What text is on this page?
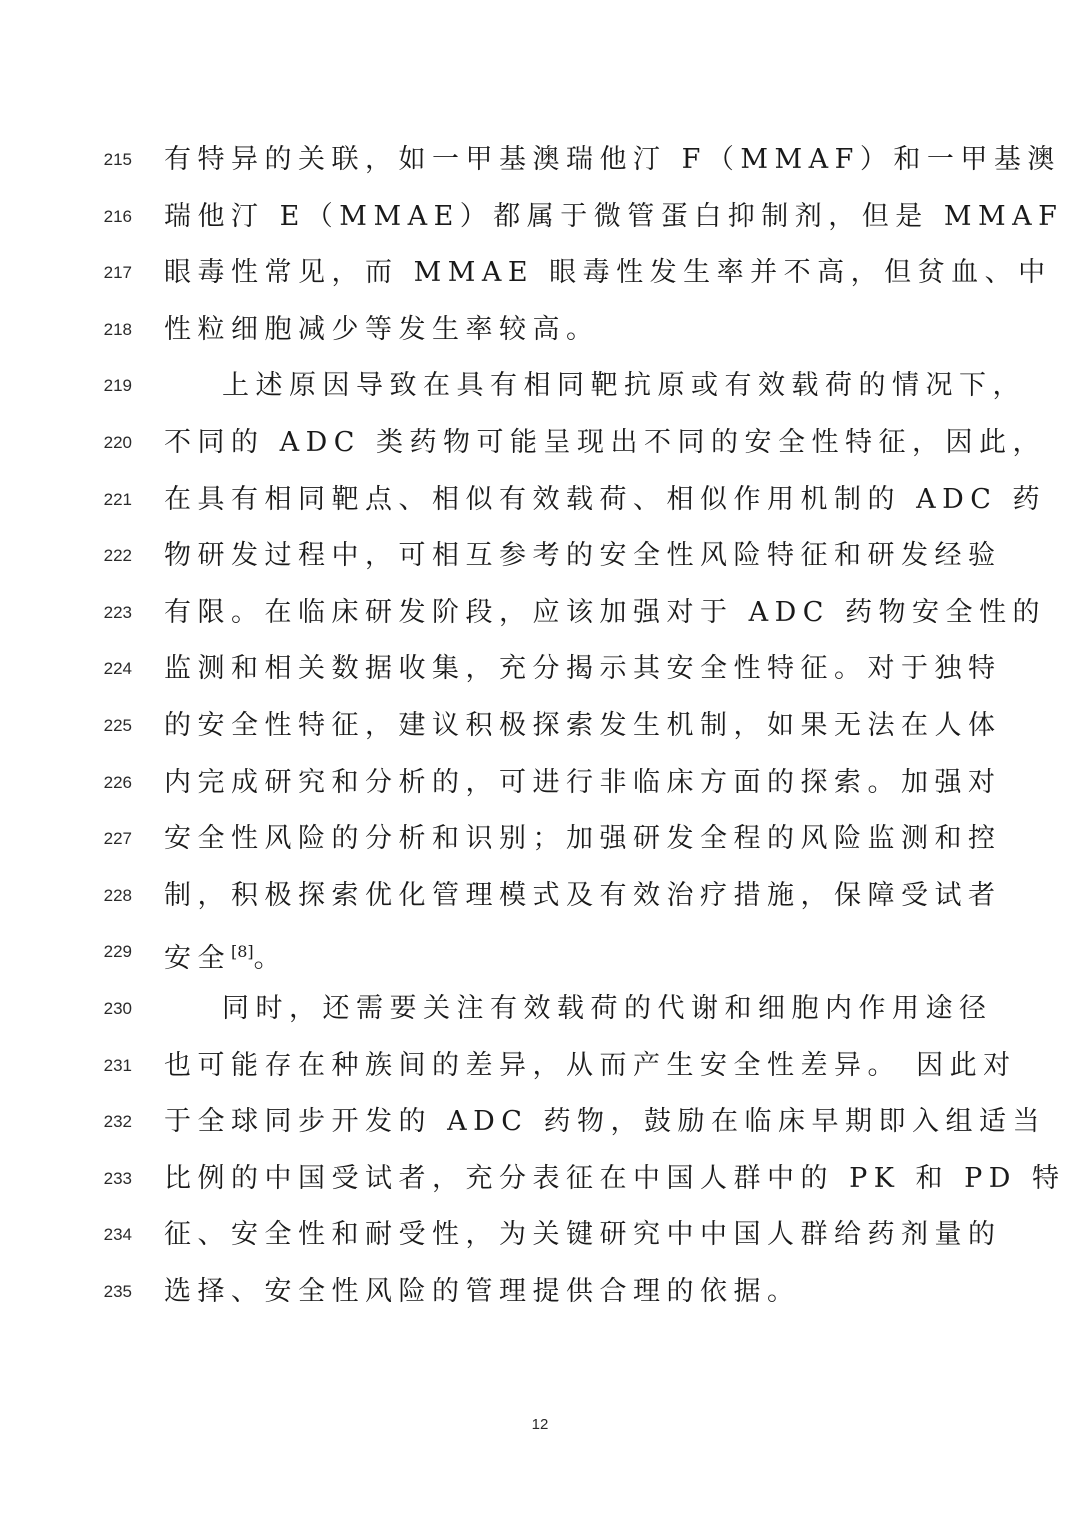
215 有特异的关联，如一甲基澳瑞他汀 F（MMAF）和一甲基澳
216 瑞他汀 E（MMAE）都属于微管蛋白抑制剂，但是 MMAF
217 眼毒性常见，而 MMAE 眼毒性发生率并不高，但贫血、中
218 性粒细胞减少等发生率较高。
219	上述原因导致在具有相同靶抗原或有效载荷的情况下，
220 不同的 ADC 类药物可能呈现出不同的安全性特征，因此，
221 在具有相同靶点、相似有效载荷、相似作用机制的 ADC 药
222 物研发过程中，可相互参考的安全性风险特征和研发经验
223 有限。在临床研发阶段，应该加强对于 ADC 药物安全性的
224 监测和相关数据收集，充分揭示其安全性特征。对于独特
225 的安全性特征，建议积极探索发生机制，如果无法在人体
226 内完成研究和分析的，可进行非临床方面的探索。加强对
227 安全性风险的分析和识别；加强研发全程的风险监测和控
228 制，积极探索优化管理模式及有效治疗措施，保障受试者
229 安全[8]。
230	同时，还需要关注有效载荷的代谢和细胞内作用途径
231 也可能存在种族间的差异，从而产生安全性差异。 因此对
232 于全球同步开发的 ADC 药物，鼓励在临床早期即入组适当
233 比例的中国受试者，充分表征在中国人群中的 PK 和 PD 特
234 征、安全性和耐受性，为关键研究中中国人群给药剂量的
235 选择、安全性风险的管理提供合理的依据。
12
